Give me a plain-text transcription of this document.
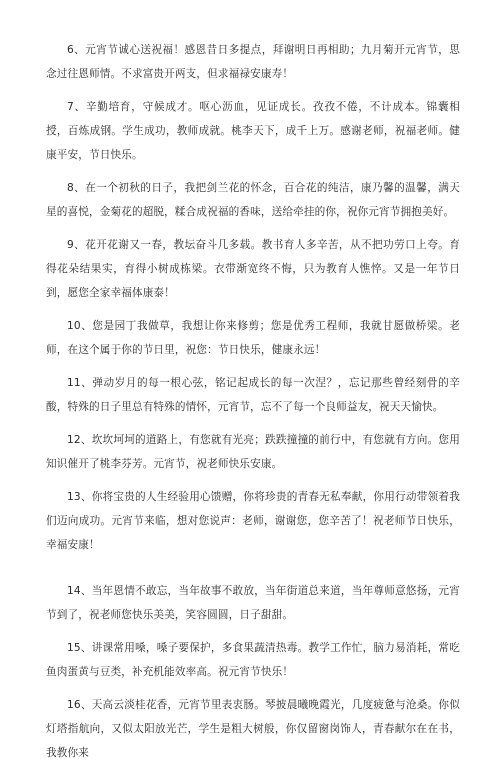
6、元宵节诚心送祝福！感恩昔日多提点，拜谢明日再相助；九月菊开元宵节，思念过往恩师情。不求富贵开两支，但求福禄安康寿！

7、辛勤培育，守候成才。呕心沥血，见证成长。孜孜不倦，不计成本。锦囊相授，百炼成钢。学生成功，教师成就。桃李天下，成千上万。感谢老师，祝福老师。健康平安，节日快乐。

8、在一个初秋的日子，我把剑兰花的怀念，百合花的纯洁，康乃馨的温馨，满天星的喜悦，金菊花的超脱，糅合成祝福的香味，送给牵挂的你，祝你元宵节拥抱美好。

9、花开花谢又一春，教坛奋斗几多载。教书育人多辛苦，从不把功劳口上夸。育得花朵结果实，育得小树成栋梁。衣带渐宽终不悔，只为教育人憔悴。又是一年节日到，愿您全家幸福体康泰！

10、您是园丁我做草，我想让你来修剪；您是优秀工程师，我就甘愿做桥梁。老师，在这个属于你的节日里，祝您：节日快乐，健康永远！

11、弹动岁月的每一根心弦，铭记起成长的每一次涅？，忘记那些曾经刻骨的辛酸，特殊的日子里总有特殊的情怀，元宵节，忘不了每一个良师益友，祝天天愉快。

12、坎坎坷坷的道路上，有您就有光亮；跌跌撞撞的前行中，有您就有方向。您用知识催开了桃李芬芳。元宵节，祝老师快乐安康。

13、你将宝贵的人生经验用心馈赠，你将珍贵的青春无私奉献，你用行动带领着我们迈向成功。元宵节来临，想对您说声：老师，谢谢您，您辛苦了！祝老师节日快乐，幸福安康！

14、当年恩情不敢忘，当年故事不敢放，当年街道总来道，当年尊师意悠扬，元宵节到了，祝老师您快乐美美，笑容圆圆，日子甜甜。

15、讲课常用嗓，嗓子要保护，多食果蔬清热毒。教学工作忙，脑力易消耗，常吃鱼肉蛋黄与豆类，补充机能效率高。祝元宵节快乐！

16、天高云淡桂花香，元宵节里表衷肠。琴披晨曦晚霞光，几度疲惫与沧桑。你似灯塔指航向，又似太阳放光芒，学生是粗大树般，你仅留窗岗饰人，青春献尔在在书，我教你来
